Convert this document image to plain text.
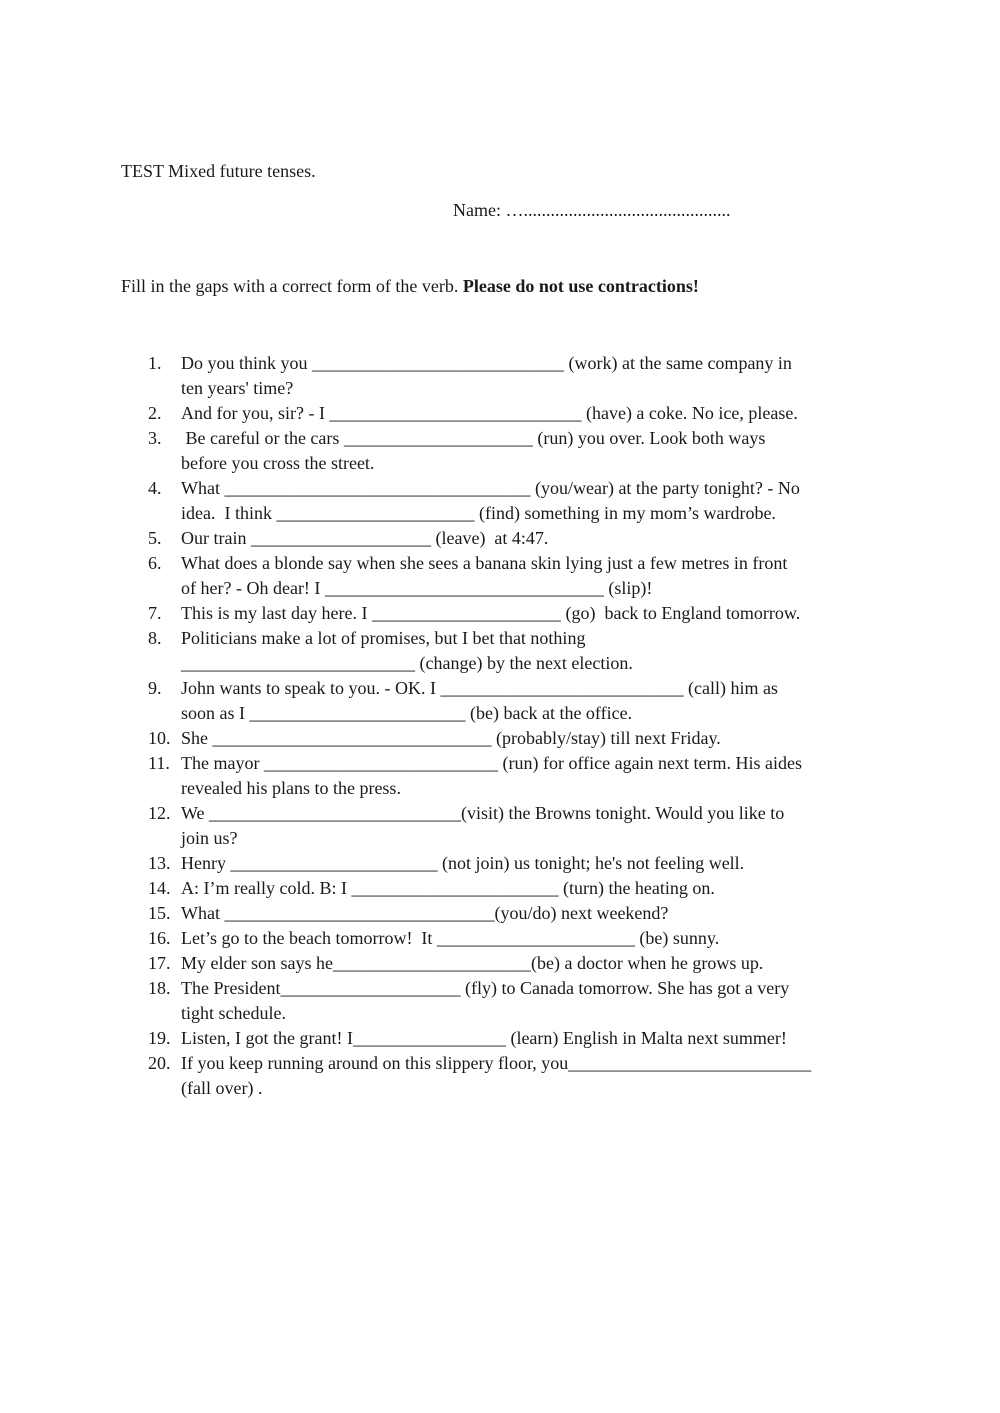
TEST Mixed future tenses.
Name: …..............................................
Fill in the gaps with a correct form of the verb. Please do not use contractions!
1.	Do you think you ____________________________ (work) at the same company in
ten years' time?
2.	And for you, sir? - I ____________________________ (have) a coke. No ice, please.
3.	Be careful or the cars _____________________ (run) you over. Look both ways
before you cross the street.
4.	What __________________________________ (you/wear) at the party tonight? - No
idea.  I think ______________________ (find) something in my mom’s wardrobe.
5.	Our train ____________________ (leave)  at 4:47.
6.	What does a blonde say when she sees a banana skin lying just a few metres in front
of her? - Oh dear! I _______________________________ (slip)!
7.	This is my last day here. I _____________________ (go)  back to England tomorrow.
8.	Politicians make a lot of promises, but I bet that nothing
__________________________ (change) by the next election.
9.	John wants to speak to you. - OK. I ___________________________ (call) him as
soon as I ________________________ (be) back at the office.
10. She _______________________________ (probably/stay) till next Friday.
11. The mayor __________________________ (run) for office again next term. His aides
revealed his plans to the press.
12. We ____________________________(visit) the Browns tonight. Would you like to
join us?
13. Henry _______________________ (not join) us tonight; he's not feeling well.
14. A: I’m really cold. B: I _______________________ (turn) the heating on.
15. What ______________________________(you/do) next weekend?
16. Let’s go to the beach tomorrow!  It ______________________ (be) sunny.
17. My elder son says he______________________(be) a doctor when he grows up.
18. The President____________________ (fly) to Canada tomorrow. She has got a very
tight schedule.
19. Listen, I got the grant! I_________________ (learn) English in Malta next summer!
20. If you keep running around on this slippery floor, you___________________________
(fall over) .
